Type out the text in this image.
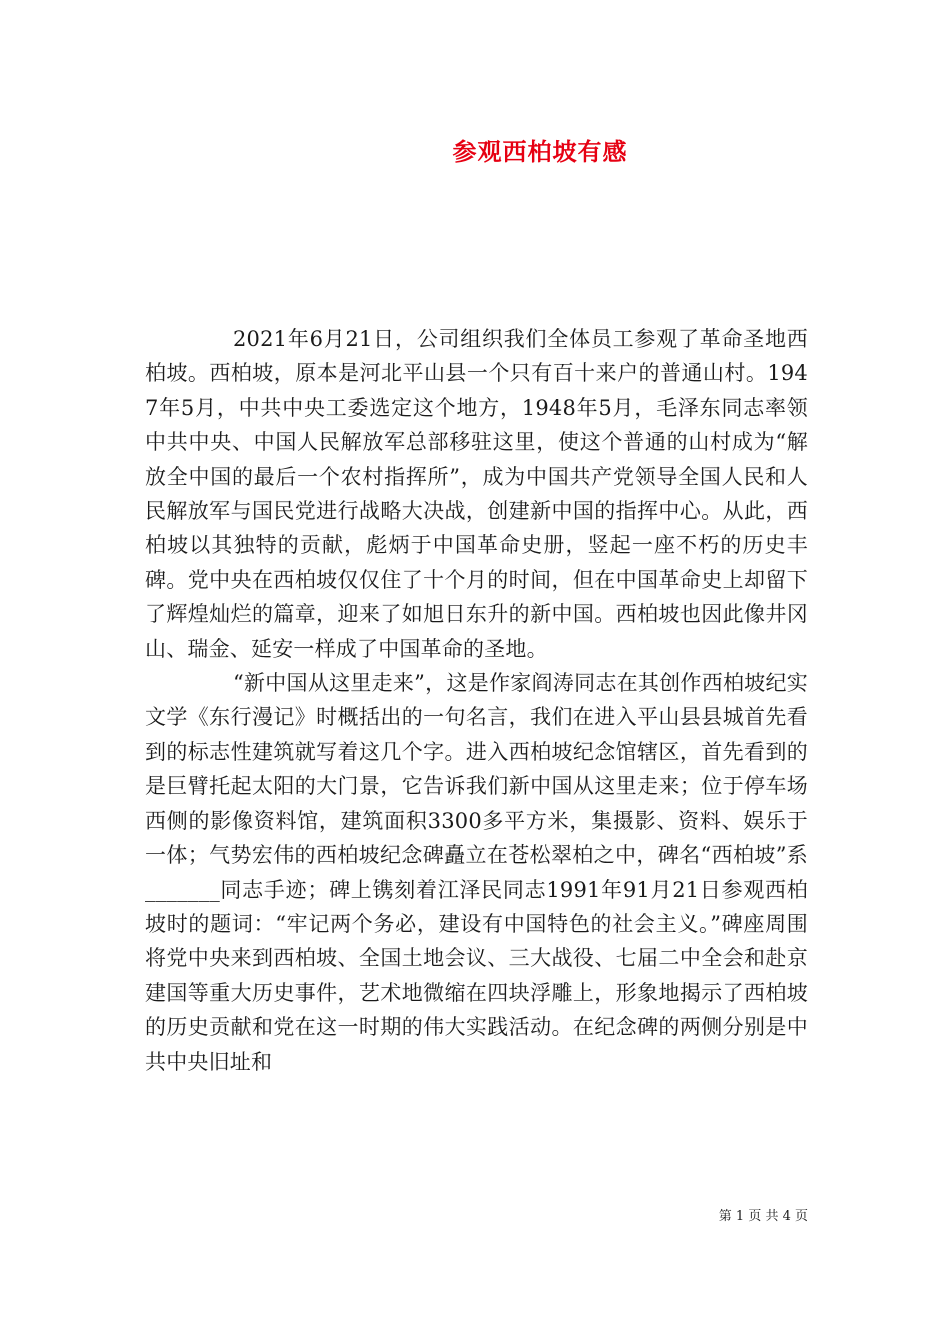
参观西柏坡有感

2021年6月21日，公司组织我们全体员工参观了革命圣地西柏坡。西柏坡，原本是河北平山县一个只有百十来户的普通山村。1947年5月，中共中央工委选定这个地方，1948年5月，毛泽东同志率领中共中央、中国人民解放军总部移驻这里，使这个普通的山村成为“解放全中国的最后一个农村指挥所”，成为中国共产党领导全国人民和人民解放军与国民党进行战略大决战，创建新中国的指挥中心。从此，西柏坡以其独特的贡献，彪炳于中国革命史册，竖起一座不朽的历史丰碑。党中央在西柏坡仅仅住了十个月的时间，但在中国革命史上却留下了辉煌灿烂的篇章，迎来了如旭日东升的新中国。西柏坡也因此像井冈山、瑞金、延安一样成了中国革命的圣地。

“新中国从这里走来”，这是作家阎涛同志在其创作西柏坡纪实文学《东行漫记》时概括出的一句名言，我们在进入平山县县城首先看到的标志性建筑就写着这几个字。进入西柏坡纪念馆辖区，首先看到的是巨臂托起太阳的大门景，它告诉我们新中国从这里走来；位于停车场西侧的影像资料馆，建筑面积3300多平方米，集摄影、资料、娱乐于一体；气势宏伟的西柏坡纪念碑矗立在苍松翠柏之中，碑名“西柏坡”系_______同志手迹；碑上镌刻着江泽民同志1991年91月21日参观西柏坡时的题词：“牢记两个务必，建设有中国特色的社会主义。”碑座周围将党中央来到西柏坡、全国土地会议、三大战役、七届二中全会和赴京建国等重大历史事件，艺术地微缩在四块浮雕上，形象地揭示了西柏坡的历史贡献和党在这一时期的伟大实践活动。在纪念碑的两侧分别是中共中央旧址和

第 1 页 共 4 页
